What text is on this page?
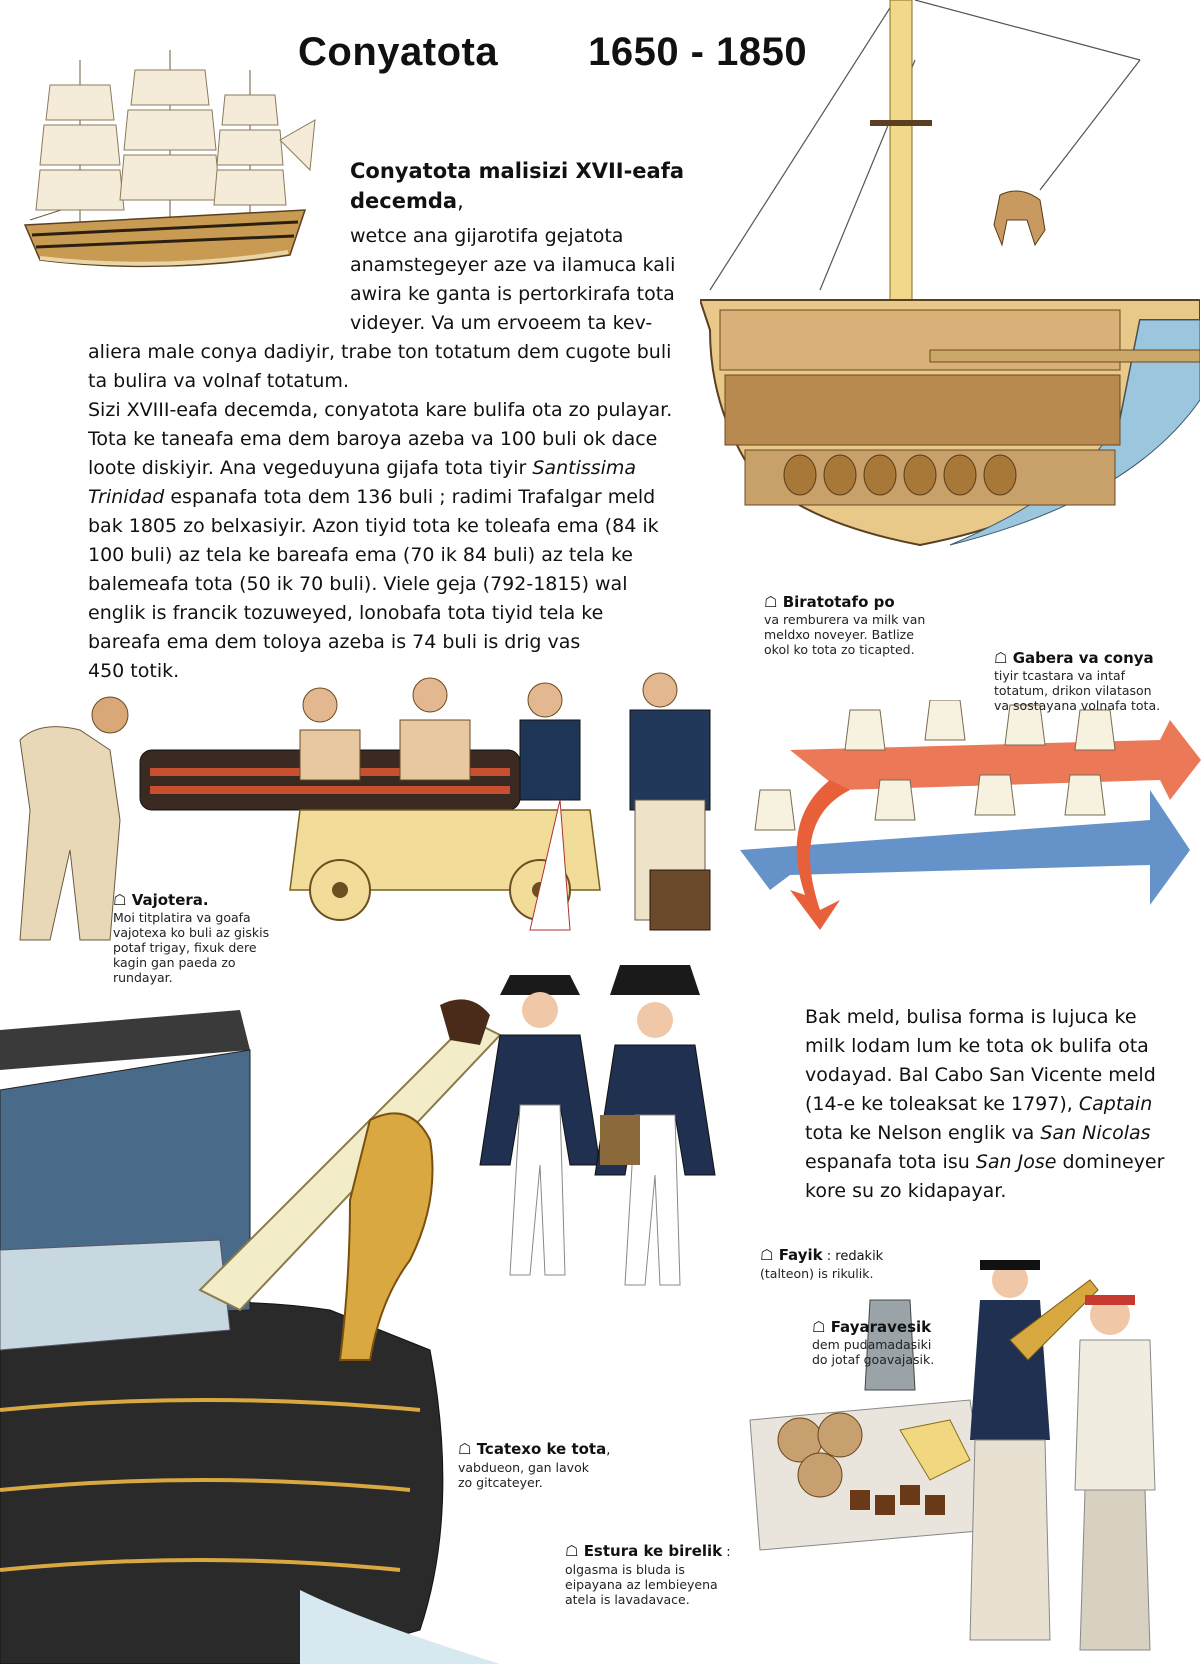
Conyatota 1650 - 1850
Conyatota malisizi XVII-eafa decemda,

wetce ana gijarotifa gejatota

anamstegeyer aze va ilamuca kali

awira ke ganta is pertorkirafa tota

videyer. Va um ervoeem ta kev-

aliera male conya dadiyir, trabe ton totatum dem cugote buli

ta bulira va volnaf totatum.

Sizi XVIII-eafa decemda, conyatota kare bulifa ota zo pulayar.

Tota ke taneafa ema dem baroya azeba va 100 buli ok dace

loote diskiyir. Ana vegeduyuna gijafa tota tiyir Santissima

Trinidad espanafa tota dem 136 buli ; radimi Trafalgar meld

bak 1805 zo belxasiyir. Azon tiyid tota ke toleafa ema (84 ik

100 buli) az tela ke bareafa ema (70 ik 84 buli) az tela ke

balemeafa tota (50 ik 70 buli). Viele geja (792-1815) wal

englik is francik tozuweyed, lonobafa tota tiyid tela ke

bareafa ema dem toloya azeba is 74 buli is drig vas

450 totik.

Bak meld, bulisa forma is lujuca ke

milk lodam lum ke tota ok bulifa ota

vodayad. Bal Cabo San Vicente meld

(14-e ke toleaksat ke 1797), Captain

tota ke Nelson englik va San Nicolas

espanafa tota isu San Jose domineyer

kore su zo kidapayar.

☖ Biratotafo po
va remburera va milk van
meldxo noveyer. Batlize
okol ko tota zo ticapted.	☖ Gabera va conya
tiyir tcastara va intaf
totatum, drikon vilatason
va sostayana volnafa tota.
☖ Vajotera.
Moi titplatira va goafa
vajotexa ko buli az giskis
potaf trigay, fixuk dere
kagin gan paeda zo
rundayar.
☖ Fayik : redakik
(talteon) is rikulik.
☖ Fayaravesik
dem pudamadasiki
do jotaf goavajasik.
☖ Tcatexo ke tota,
vabdueon, gan lavok
zo gitcateyer.
☖ Estura ke birelik :
olgasma is bluda is
eipayana az lembieyena
atela is lavadavace.
